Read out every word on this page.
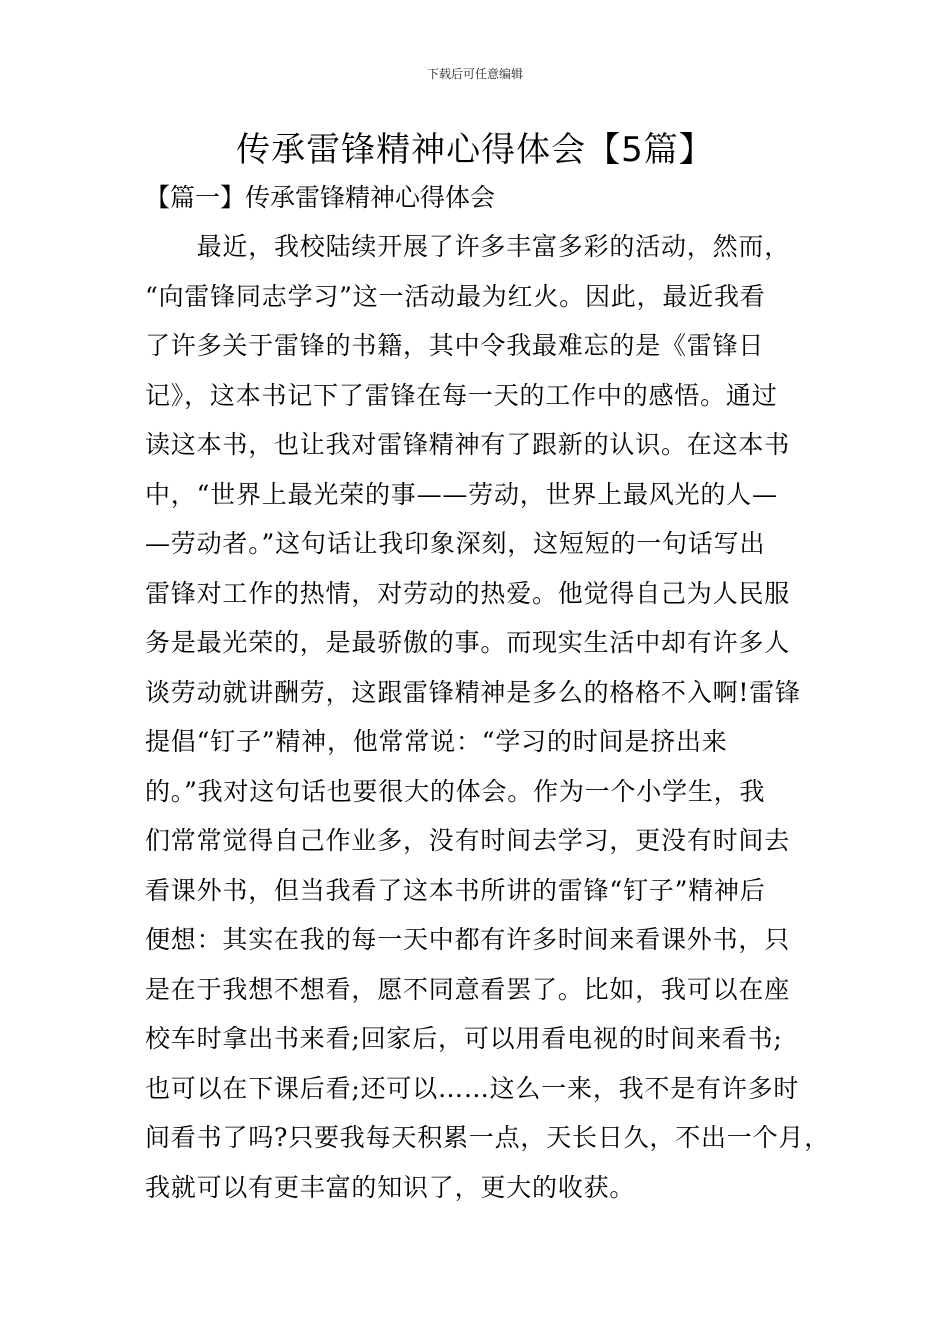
下载后可任意编辑
传承雷锋精神心得体会【5篇】
【篇一】传承雷锋精神心得体会
　　最近，我校陆续开展了许多丰富多彩的活动，然而，
“向雷锋同志学习”这一活动最为红火。因此，最近我看
了许多关于雷锋的书籍，其中令我最难忘的是《雷锋日
记》，这本书记下了雷锋在每一天的工作中的感悟。通过
读这本书，也让我对雷锋精神有了跟新的认识。在这本书
中，“世界上最光荣的事——劳动，世界上最风光的人—
—劳动者。”这句话让我印象深刻，这短短的一句话写出
雷锋对工作的热情，对劳动的热爱。他觉得自己为人民服
务是最光荣的，是最骄傲的事。而现实生活中却有许多人
谈劳动就讲酬劳，这跟雷锋精神是多么的格格不入啊!雷锋
提倡“钉子”精神，他常常说：“学习的时间是挤出来
的。”我对这句话也要很大的体会。作为一个小学生，我
们常常觉得自己作业多，没有时间去学习，更没有时间去
看课外书，但当我看了这本书所讲的雷锋“钉子”精神后
便想：其实在我的每一天中都有许多时间来看课外书，只
是在于我想不想看，愿不同意看罢了。比如，我可以在座
校车时拿出书来看;回家后，可以用看电视的时间来看书;
也可以在下课后看;还可以……这么一来，我不是有许多时
间看书了吗?只要我每天积累一点，天长日久，不出一个月，
我就可以有更丰富的知识了，更大的收获。
